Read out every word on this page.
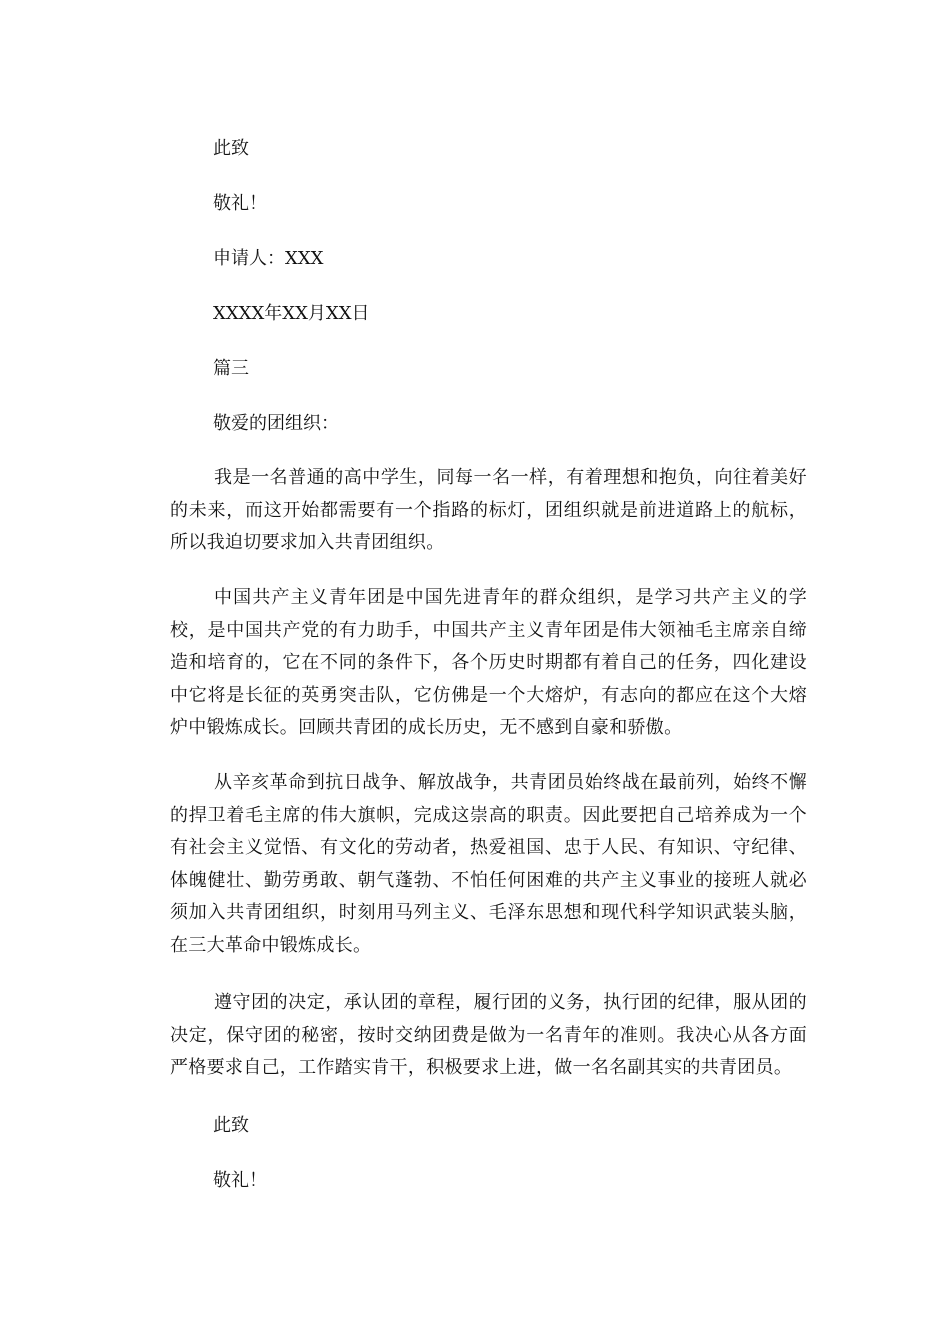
此致

敬礼！

申请人：XXX

XXXX年XX月XX日

篇三

敬爱的团组织：

我是一名普通的高中学生，同每一名一样，有着理想和抱负，向往着美好的未来，而这开始都需要有一个指路的标灯，团组织就是前进道路上的航标，所以我迫切要求加入共青团组织。

中国共产主义青年团是中国先进青年的群众组织，是学习共产主义的学校，是中国共产党的有力助手，中国共产主义青年团是伟大领袖毛主席亲自缔造和培育的，它在不同的条件下，各个历史时期都有着自己的任务，四化建设中它将是长征的英勇突击队，它仿佛是一个大熔炉，有志向的都应在这个大熔炉中锻炼成长。回顾共青团的成长历史，无不感到自豪和骄傲。

从辛亥革命到抗日战争、解放战争，共青团员始终战在最前列，始终不懈的捍卫着毛主席的伟大旗帜，完成这崇高的职责。因此要把自己培养成为一个有社会主义觉悟、有文化的劳动者，热爱祖国、忠于人民、有知识、守纪律、体魄健壮、勤劳勇敢、朝气蓬勃、不怕任何困难的共产主义事业的接班人就必须加入共青团组织，时刻用马列主义、毛泽东思想和现代科学知识武装头脑，在三大革命中锻炼成长。

遵守团的决定，承认团的章程，履行团的义务，执行团的纪律，服从团的决定，保守团的秘密，按时交纳团费是做为一名青年的准则。我决心从各方面严格要求自己，工作踏实肯干，积极要求上进，做一名名副其实的共青团员。

此致

敬礼！
